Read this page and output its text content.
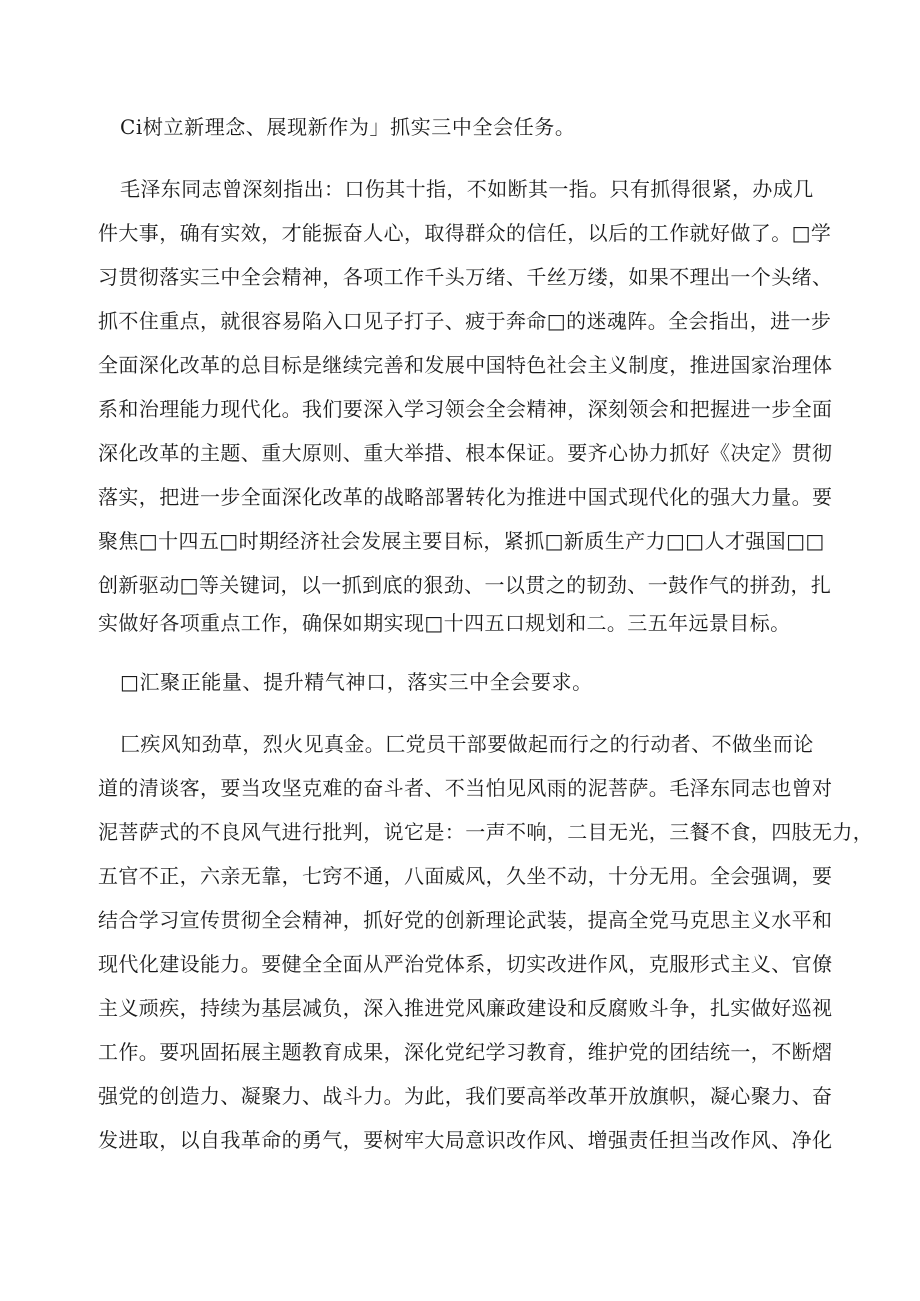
Ci树立新理念、展现新作为」抓实三中全会任务。

毛泽东同志曾深刻指出：口伤其十指，不如断其一指。只有抓得很紧，办成几

件大事，确有实效，才能振奋人心，取得群众的信任，以后的工作就好做了。□学

习贯彻落实三中全会精神，各项工作千头万绪、千丝万缕，如果不理出一个头绪、

抓不住重点，就很容易陷入口见子打子、疲于奔命□的迷魂阵。全会指出，进一步

全面深化改革的总目标是继续完善和发展中国特色社会主义制度，推进国家治理体

系和治理能力现代化。我们要深入学习领会全会精神，深刻领会和把握进一步全面

深化改革的主题、重大原则、重大举措、根本保证。要齐心协力抓好《决定》贯彻

落实，把进一步全面深化改革的战略部署转化为推进中国式现代化的强大力量。要

聚焦□十四五□时期经济社会发展主要目标，紧抓□新质生产力□□人才强国□□

创新驱动□等关键词，以一抓到底的狠劲、一以贯之的韧劲、一鼓作气的拼劲，扎

实做好各项重点工作，确保如期实现□十四五口规划和二。三五年远景目标。

□汇聚正能量、提升精气神口，落实三中全会要求。

匚疾风知劲草，烈火见真金。匚党员干部要做起而行之的行动者、不做坐而论

道的清谈客，要当攻坚克难的奋斗者、不当怕见风雨的泥菩萨。毛泽东同志也曾对

泥菩萨式的不良风气进行批判，说它是：一声不响，二目无光，三餐不食，四肢无力，

五官不正，六亲无靠，七窍不通，八面威风，久坐不动，十分无用。全会强调，要

结合学习宣传贯彻全会精神，抓好党的创新理论武装，提高全党马克思主义水平和

现代化建设能力。要健全全面从严治党体系，切实改进作风，克服形式主义、官僚

主义顽疾，持续为基层减负，深入推进党风廉政建设和反腐败斗争，扎实做好巡视

工作。要巩固拓展主题教育成果，深化党纪学习教育，维护党的团结统一，不断熠

强党的创造力、凝聚力、战斗力。为此，我们要高举改革开放旗帜，凝心聚力、奋

发进取，以自我革命的勇气，要树牢大局意识改作风、增强责任担当改作风、净化
